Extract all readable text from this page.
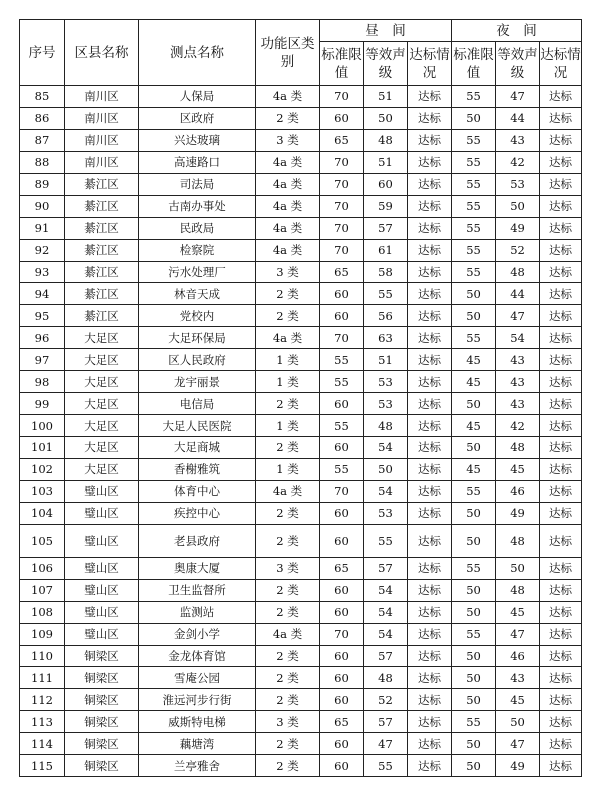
序号	区县名称	测点名称	功能区类别	昼　间			夜　间		
				标准限值	等效声级	达标情况	标准限值	等效声级	达标情况
85	南川区	人保局	4a 类	70	51	达标	55	47	达标
86	南川区	区政府	2 类	60	50	达标	50	44	达标
87	南川区	兴达玻璃	3 类	65	48	达标	55	43	达标
88	南川区	高速路口	4a 类	70	51	达标	55	42	达标
89	綦江区	司法局	4a 类	70	60	达标	55	53	达标
90	綦江区	古南办事处	4a 类	70	59	达标	55	50	达标
91	綦江区	民政局	4a 类	70	57	达标	55	49	达标
92	綦江区	检察院	4a 类	70	61	达标	55	52	达标
93	綦江区	污水处理厂	3 类	65	58	达标	55	48	达标
94	綦江区	林音天成	2 类	60	55	达标	50	44	达标
95	綦江区	党校内	2 类	60	56	达标	50	47	达标
96	大足区	大足环保局	4a 类	70	63	达标	55	54	达标
97	大足区	区人民政府	1 类	55	51	达标	45	43	达标
98	大足区	龙宇丽景	1 类	55	53	达标	45	43	达标
99	大足区	电信局	2 类	60	53	达标	50	43	达标
100	大足区	大足人民医院	1 类	55	48	达标	45	42	达标
101	大足区	大足商城	2 类	60	54	达标	50	48	达标
102	大足区	香榭雅筑	1 类	55	50	达标	45	45	达标
103	璧山区	体育中心	4a 类	70	54	达标	55	46	达标
104	璧山区	疾控中心	2 类	60	53	达标	50	49	达标
105	璧山区	老县政府	2 类	60	55	达标	50	48	达标
106	璧山区	奥康大厦	3 类	65	57	达标	55	50	达标
107	璧山区	卫生监督所	2 类	60	54	达标	50	48	达标
108	璧山区	监测站	2 类	60	54	达标	50	45	达标
109	璧山区	金剑小学	4a 类	70	54	达标	55	47	达标
110	铜梁区	金龙体育馆	2 类	60	57	达标	50	46	达标
111	铜梁区	雪庵公园	2 类	60	48	达标	50	43	达标
112	铜梁区	淮远河步行街	2 类	60	52	达标	50	45	达标
113	铜梁区	威斯特电梯	3 类	65	57	达标	55	50	达标
114	铜梁区	藕塘湾	2 类	60	47	达标	50	47	达标
115	铜梁区	兰亭雅舍	2 类	60	55	达标	50	49	达标
